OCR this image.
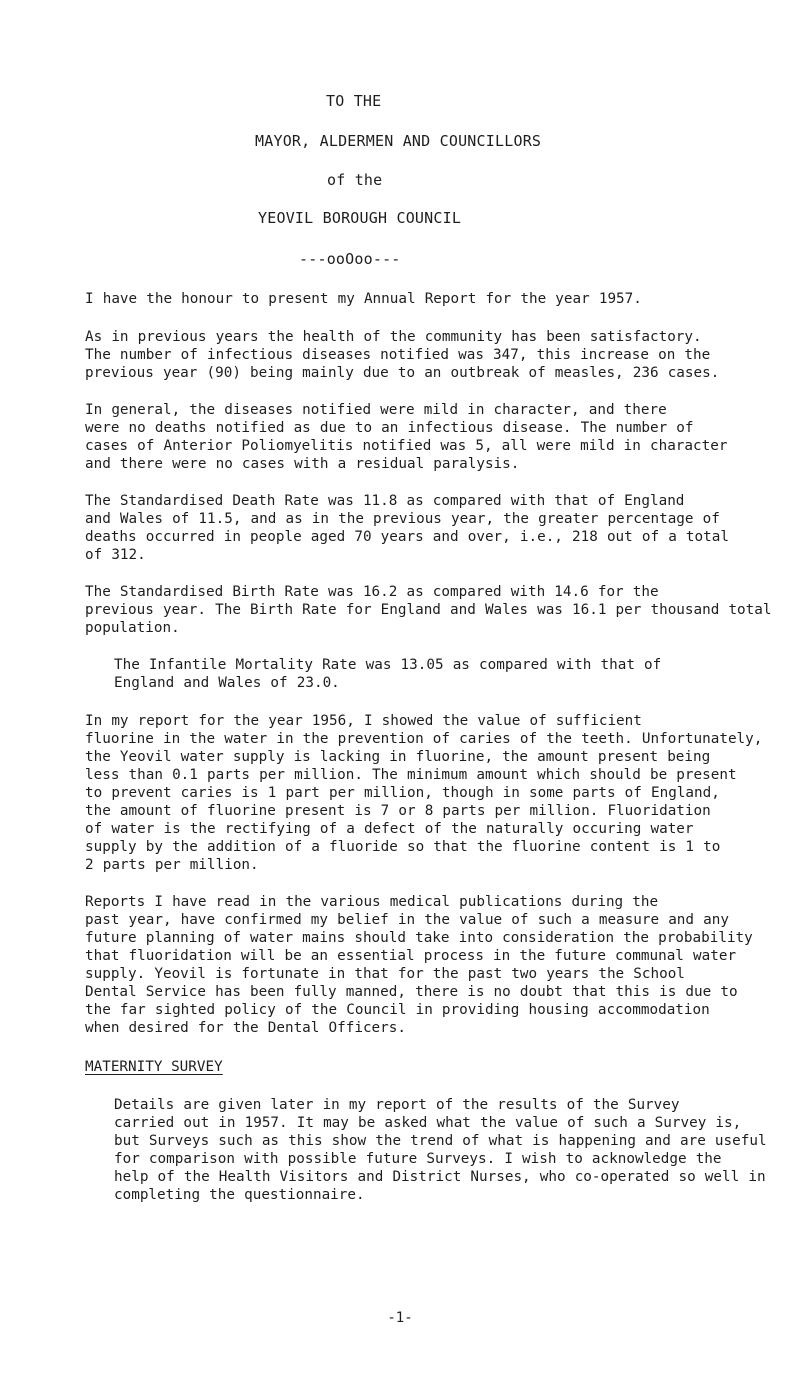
TO THE
MAYOR, ALDERMEN AND COUNCILLORS
of the
YEOVIL BOROUGH COUNCIL
---ooOoo---

I have the honour to present my Annual Report for the year 1957.

As in previous years the health of the community has been satisfactory.
The number of infectious diseases notified was 347, this increase on the
previous year (90) being mainly due to an outbreak of measles, 236 cases.

In general, the diseases notified were mild in character, and there
were no deaths notified as due to an infectious disease. The number of
cases of Anterior Poliomyelitis notified was 5, all were mild in character
and there were no cases with a residual paralysis.

The Standardised Death Rate was 11.8 as compared with that of England
and Wales of 11.5, and as in the previous year, the greater percentage of
deaths occurred in people aged 70 years and over, i.e., 218 out of a total
of 312.

The Standardised Birth Rate was 16.2 as compared with 14.6 for the
previous year. The Birth Rate for England and Wales was 16.1 per thousand total
population.

The Infantile Mortality Rate was 13.05 as compared with that of
England and Wales of 23.0.

In my report for the year 1956, I showed the value of sufficient
fluorine in the water in the prevention of caries of the teeth. Unfortunately,
the Yeovil water supply is lacking in fluorine, the amount present being
less than 0.1 parts per million. The minimum amount which should be present
to prevent caries is 1 part per million, though in some parts of England,
the amount of fluorine present is 7 or 8 parts per million. Fluoridation
of water is the rectifying of a defect of the naturally occuring water
supply by the addition of a fluoride so that the fluorine content is 1 to
2 parts per million.

Reports I have read in the various medical publications during the
past year, have confirmed my belief in the value of such a measure and any
future planning of water mains should take into consideration the probability
that fluoridation will be an essential process in the future communal water
supply. Yeovil is fortunate in that for the past two years the School
Dental Service has been fully manned, there is no doubt that this is due to
the far sighted policy of the Council in providing housing accommodation
when desired for the Dental Officers.

MATERNITY SURVEY

Details are given later in my report of the results of the Survey
carried out in 1957. It may be asked what the value of such a Survey is,
but Surveys such as this show the trend of what is happening and are useful
for comparison with possible future Surveys. I wish to acknowledge the
help of the Health Visitors and District Nurses, who co-operated so well in
completing the questionnaire.

-1-
